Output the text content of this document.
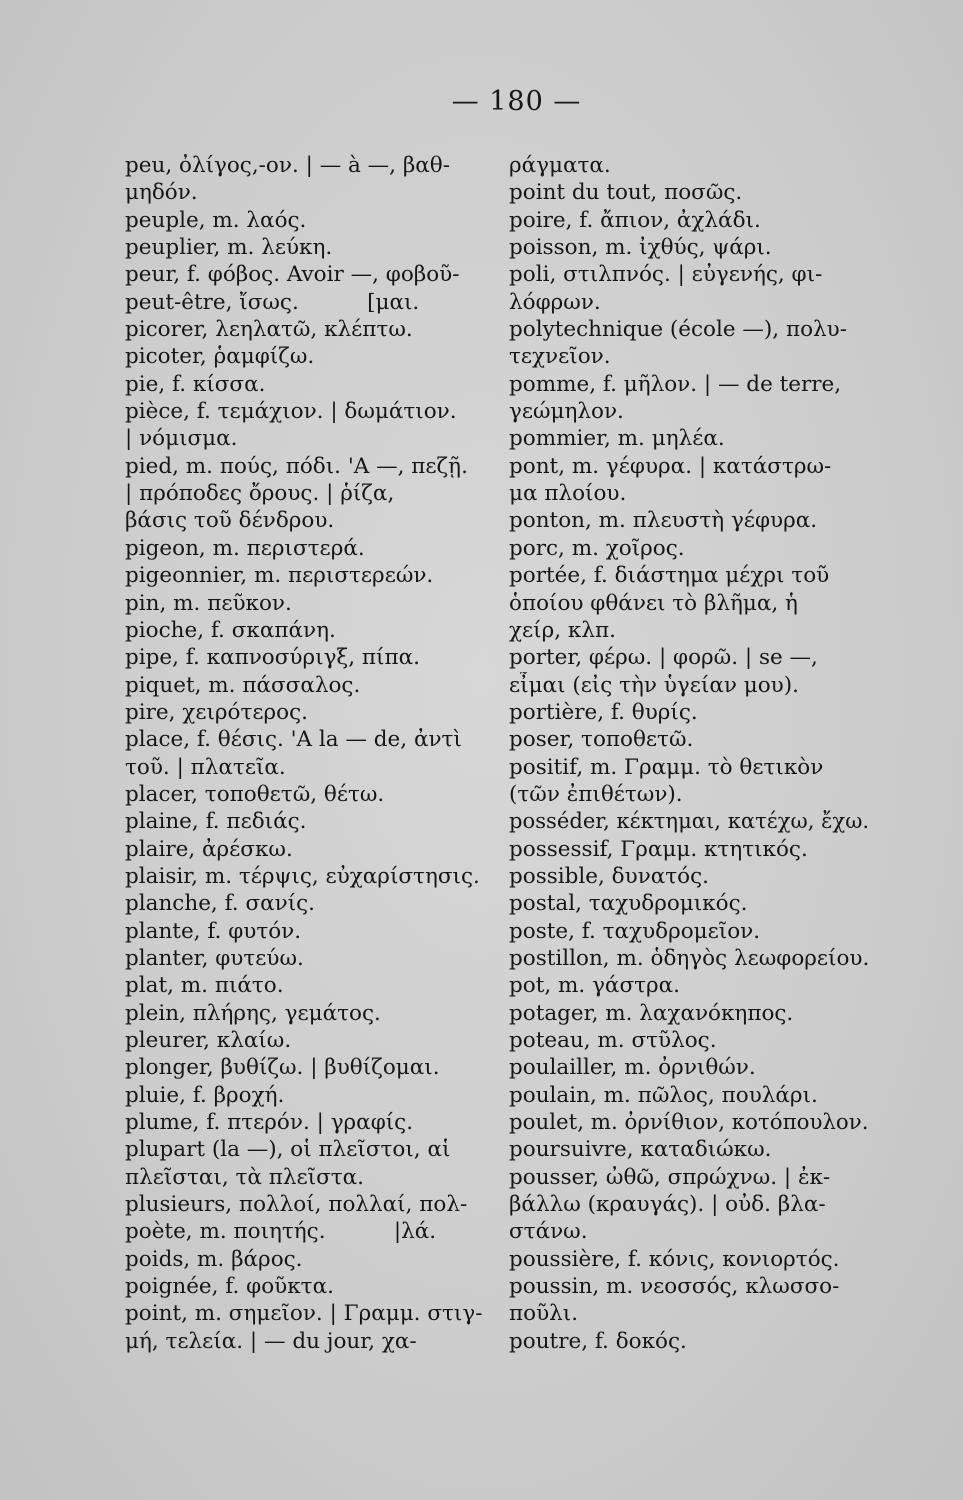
— 180 —
peu, ὀλίγος,-ον. | — à —, βαθ-
μηδόν.
peuple, m. λαός.
peuplier, m. λεύκη.
peur, f. φόβος. Avoir —, φοβοῦ-
peut-être, ἴσως.          [μαι.
picorer, λεηλατῶ, κλέπτω.
picoter, ῥαμφίζω.
pie, f. κίσσα.
pièce, f. τεμάχιον. | δωμάτιον.
| νόμισμα.
pied, m. πούς, πόδι. 'A —, πεζῇ.
| πρόποδες ὄρους. | ῥίζα,
βάσις τοῦ δένδρου.
pigeon, m. περιστερά.
pigeonnier, m. περιστερεών.
pin, m. πεῦκον.
pioche, f. σκαπάνη.
pipe, f. καπνοσύριγξ, πίπα.
piquet, m. πάσσαλος.
pire, χειρότερος.
place, f. θέσις. 'A la — de, ἀντὶ
τοῦ. | πλατεῖα.
placer, τοποθετῶ, θέτω.
plaine, f. πεδιάς.
plaire, ἀρέσκω.
plaisir, m. τέρψις, εὐχαρίστησις.
planche, f. σανίς.
plante, f. φυτόν.
planter, φυτεύω.
plat, m. πιάτο.
plein, πλήρης, γεμάτος.
pleurer, κλαίω.
plonger, βυθίζω. | βυθίζομαι.
pluie, f. βροχή.
plume, f. πτερόν. | γραφίς.
plupart (la —), οἱ πλεῖστοι, αἱ
πλεῖσται, τὰ πλεῖστα.
plusieurs, πολλοί, πολλαί, πολ-
poète, m. ποιητής.          |λά.
poids, m. βάρος.
poignée, f. φοῦκτα.
point, m. σημεῖον. | Γραμμ. στιγ-
μή, τελεία. | — du jour, χα-
ράγματα.
point du tout, ποσῶς.
poire, f. ἄπιον, ἀχλάδι.
poisson, m. ἰχθύς, ψάρι.
poli, στιλπνός. | εὐγενής, φι-
λόφρων.
polytechnique (école —), πολυ-
τεχνεῖον.
pomme, f. μῆλον. | — de terre,
γεώμηλον.
pommier, m. μηλέα.
pont, m. γέφυρα. | κατάστρω-
μα πλοίου.
ponton, m. πλευστὴ γέφυρα.
porc, m. χοῖρος.
portée, f. διάστημα μέχρι τοῦ
ὁποίου φθάνει τὸ βλῆμα, ἡ
χείρ, κλπ.
porter, φέρω. | φορῶ. | se —,
εἶμαι (εἰς τὴν ὑγείαν μου).
portière, f. θυρίς.
poser, τοποθετῶ.
positif, m. Γραμμ. τὸ θετικὸν
(τῶν ἐπιθέτων).
posséder, κέκτημαι, κατέχω, ἔχω.
possessif, Γραμμ. κτητικός.
possible, δυνατός.
postal, ταχυδρομικός.
poste, f. ταχυδρομεῖον.
postillon, m. ὁδηγὸς λεωφορείου.
pot, m. γάστρα.
potager, m. λαχανόκηπος.
poteau, m. στῦλος.
poulailler, m. ὀρνιθών.
poulain, m. πῶλος, πουλάρι.
poulet, m. ὀρνίθιον, κοτόπουλον.
poursuivre, καταδιώκω.
pousser, ὠθῶ, σπρώχνω. | ἐκ-
βάλλω (κραυγάς). | οὐδ. βλα-
στάνω.
poussière, f. κόνις, κονιορτός.
poussin, m. νεοσσός, κλωσσο-
ποῦλι.
poutre, f. δοκός.
